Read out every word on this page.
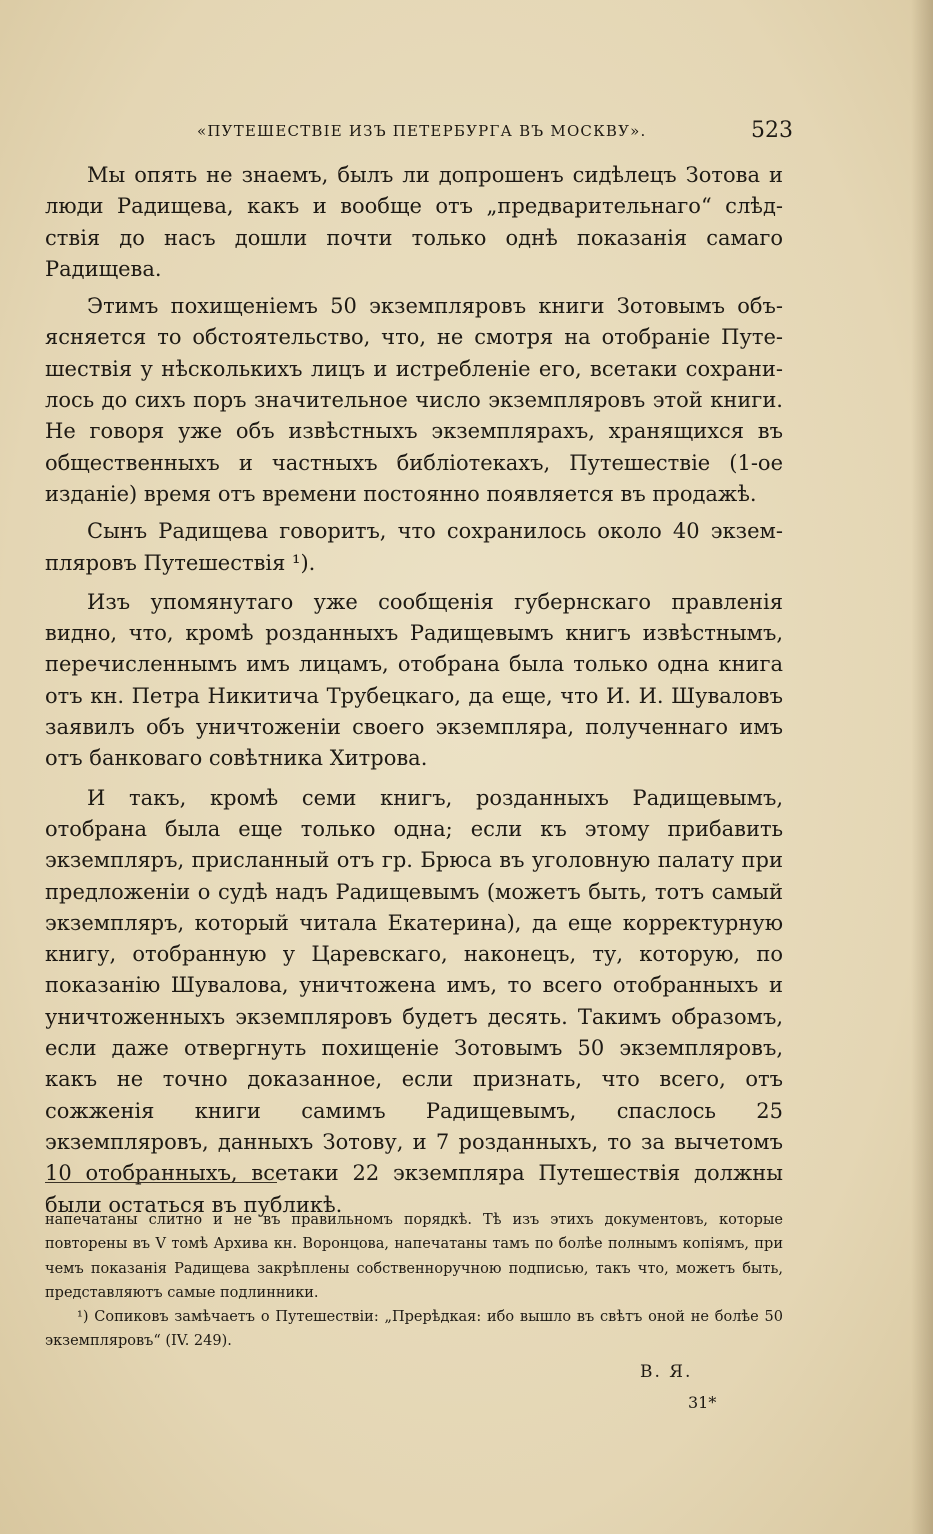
«ПУТЕШЕСТВІЕ ИЗЪ ПЕТЕРБУРГА ВЪ МОСКВУ».	523

Мы опять не знаемъ, былъ ли допрошенъ сидѣлецъ Зотова и люди Радищева, какъ и вообще отъ „предварительнаго“ слѣдствія до насъ дошли почти только однѣ показанія самаго Радищева.

Этимъ похищеніемъ 50 экземпляровъ книги Зотовымъ объясняется то обстоятельство, что, не смотря на отобраніе Путешествія у нѣсколькихъ лицъ и истребленіе его, всетаки сохранилось до сихъ поръ значительное число экземпляровъ этой книги. Не говоря уже объ извѣстныхъ экземплярахъ, хранящихся въ общественныхъ и частныхъ библіотекахъ, Путешествіе (1-ое изданіе) время отъ времени постоянно появляется въ продажѣ.

Сынъ Радищева говоритъ, что сохранилось около 40 экземпляровъ Путешествія ¹).

Изъ упомянутаго уже сообщенія губернскаго правленія видно, что, кромѣ розданныхъ Радищевымъ книгъ извѣстнымъ, перечисленнымъ имъ лицамъ, отобрана была только одна книга отъ кн. Петра Никитича Трубецкаго, да еще, что И. И. Шуваловъ заявилъ объ уничтоженіи своего экземпляра, полученнаго имъ отъ банковаго совѣтника Хитрова.

И такъ, кромѣ семи книгъ, розданныхъ Радищевымъ, отобрана была еще только одна; если къ этому прибавить экземпляръ, присланный отъ гр. Брюса въ уголовную палату при предложеніи о судѣ надъ Радищевымъ (можетъ быть, тотъ самый экземпляръ, который читала Екатерина), да еще корректурную книгу, отобранную у Царевскаго, наконецъ, ту, которую, по показанію Шувалова, уничтожена имъ, то всего отобранныхъ и уничтоженныхъ экземпляровъ будетъ десять. Такимъ образомъ, если даже отвергнуть похищеніе Зотовымъ 50 экземпляровъ, какъ не точно доказанное, если признать, что всего, отъ сожженія книги самимъ Радищевымъ, спаслось 25 экземпляровъ, данныхъ Зотову, и 7 розданныхъ, то за вычетомъ 10 отобранныхъ, всетаки 22 экземпляра Путешествія должны были остаться въ публикѣ.

напечатаны слитно и не въ правильномъ порядкѣ. Тѣ изъ этихъ документовъ, которые повторены въ V томѣ Архива кн. Воронцова, напечатаны тамъ по болѣе полнымъ копіямъ, при чемъ показанія Радищева закрѣплены собственноручною подписью, такъ что, можетъ быть, представляютъ самые подлинники.

¹) Сопиковъ замѣчаетъ о Путешествіи: „Прерѣдкая: ибо вышло въ свѣтъ оной не болѣе 50 экземпляровъ“ (IV. 249).

В. Я.
31*
